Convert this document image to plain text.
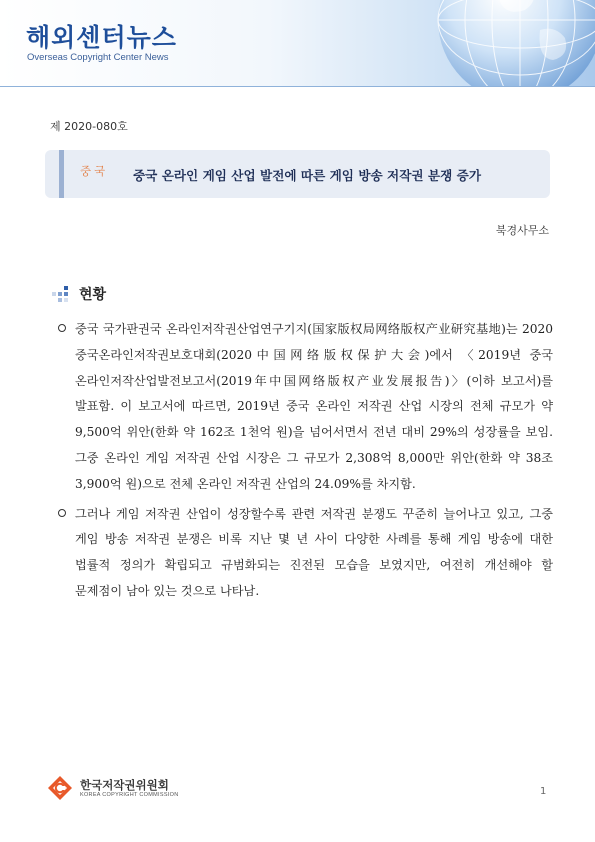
해외센터뉴스
Overseas Copyright Center News
제 2020-080호
중국 중국 온라인 게임 산업 발전에 따른 게임 방송 저작권 분쟁 증가
북경사무소
현황
중국 국가판권국 온라인저작권산업연구기지(国家版权局网络版权产业研究基地)는 2020 중국온라인저작권보호대회(2020中国网络版权保护大会)에서 〈2019년 중국 온라인저작산업발전보고서(2019年中国网络版权产业发展报告)〉(이하 보고서)를 발표함. 이 보고서에 따르면, 2019년 중국 온라인 저작권 산업 시장의 전체 규모가 약 9,500억 위안(한화 약 162조 1천억 원)을 넘어서면서 전년 대비 29%의 성장률을 보임. 그중 온라인 게임 저작권 산업 시장은 그 규모가 2,308억 8,000만 위안(한화 약 38조 3,900억 원)으로 전체 온라인 저작권 산업의 24.09%를 차지함.
그러나 게임 저작권 산업이 성장할수록 관련 저작권 분쟁도 꾸준히 늘어나고 있고, 그중 게임 방송 저작권 분쟁은 비록 지난 몇 년 사이 다양한 사례를 통해 게임 방송에 대한 법률적 정의가 확립되고 규범화되는 진전된 모습을 보였지만, 여전히 개선해야 할 문제점이 남아 있는 것으로 나타남.
한국저작권위원회
KOREA COPYRIGHT COMMISSION	1
